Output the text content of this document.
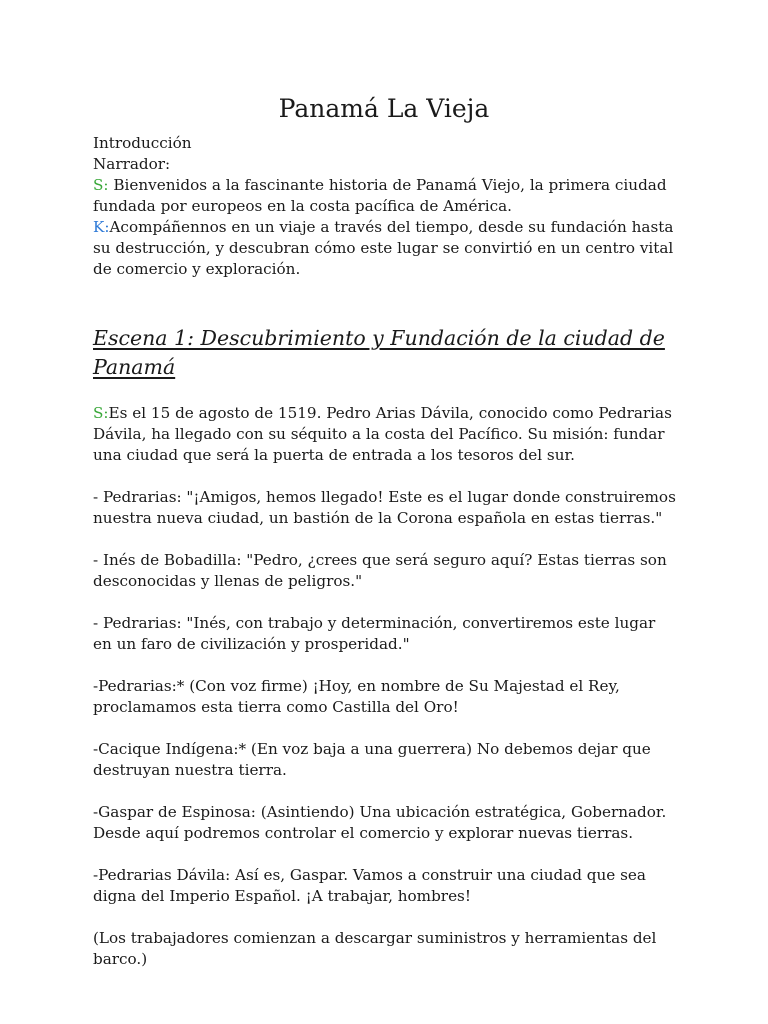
Panamá La Vieja
Introducción
Narrador:
S: Bienvenidos a la fascinante historia de Panamá Viejo, la primera ciudad fundada por europeos en la costa pacífica de América.
K:Acompáñennos en un viaje a través del tiempo, desde su fundación hasta su destrucción, y descubran cómo este lugar se convirtió en un centro vital de comercio y exploración.
Escena 1: Descubrimiento y Fundación de la ciudad de Panamá

S:Es el 15 de agosto de 1519. Pedro Arias Dávila, conocido como Pedrarias Dávila, ha llegado con su séquito a la costa del Pacífico. Su misión: fundar una ciudad que será la puerta de entrada a los tesoros del sur.

- Pedrarias: "¡Amigos, hemos llegado! Este es el lugar donde construiremos nuestra nueva ciudad, un bastión de la Corona española en estas tierras."

- Inés de Bobadilla: "Pedro, ¿crees que será seguro aquí? Estas tierras son desconocidas y llenas de peligros."

- Pedrarias: "Inés, con trabajo y determinación, convertiremos este lugar en un faro de civilización y prosperidad."

-Pedrarias:* (Con voz firme) ¡Hoy, en nombre de Su Majestad el Rey, proclamamos esta tierra como Castilla del Oro!

-Cacique Indígena:* (En voz baja a una guerrera) No debemos dejar que destruyan nuestra tierra.

-Gaspar de Espinosa: (Asintiendo) Una ubicación estratégica, Gobernador. Desde aquí podremos controlar el comercio y explorar nuevas tierras.

-Pedrarias Dávila: Así es, Gaspar. Vamos a construir una ciudad que sea digna del Imperio Español. ¡A trabajar, hombres!

(Los trabajadores comienzan a descargar suministros y herramientas del barco.)
